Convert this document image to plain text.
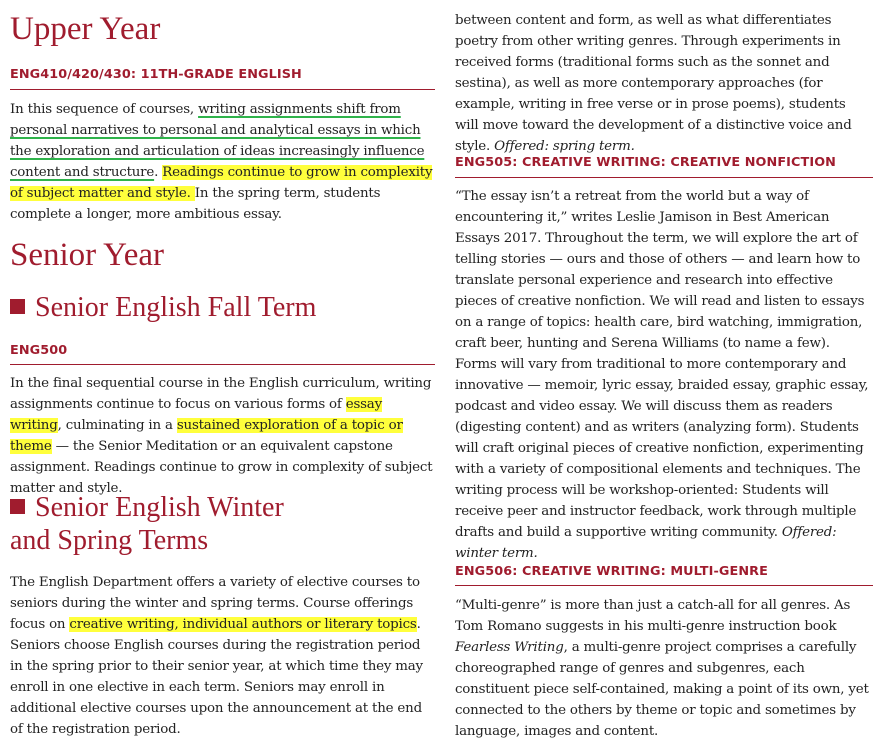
Upper Year
ENG410/420/430: 11TH-GRADE ENGLISH

In this sequence of courses, writing assignments shift from personal narratives to personal and analytical essays in which the exploration and articulation of ideas increasingly influence content and structure. Readings continue to grow in complexity of subject matter and style. In the spring term, students complete a longer, more ambitious essay.

Senior Year
Senior English Fall Term
ENG500

In the final sequential course in the English curriculum, writing assignments continue to focus on various forms of essay writing, culminating in a sustained exploration of a topic or theme — the Senior Meditation or an equivalent capstone assignment. Readings continue to grow in complexity of subject matter and style.

Senior English Winter
and Spring Terms

The English Department offers a variety of elective courses to seniors during the winter and spring terms. Course offerings focus on creative writing, individual authors or literary topics. Seniors choose English courses during the registration period in the spring prior to their senior year, at which time they may enroll in one elective in each term. Seniors may enroll in additional elective courses upon the announcement at the end of the registration period.

between content and form, as well as what differentiates poetry from other writing genres. Through experiments in received forms (traditional forms such as the sonnet and sestina), as well as more contemporary approaches (for example, writing in free verse or in prose poems), students will move toward the development of a distinctive voice and style. Offered: spring term.

ENG505: CREATIVE WRITING: CREATIVE NONFICTION

“The essay isn’t a retreat from the world but a way of encountering it,” writes Leslie Jamison in Best American Essays 2017. Throughout the term, we will explore the art of telling stories — ours and those of others — and learn how to translate personal experience and research into effective pieces of creative nonfiction. We will read and listen to essays on a range of topics: health care, bird watching, immigration, craft beer, hunting and Serena Williams (to name a few). Forms will vary from traditional to more contemporary and innovative — memoir, lyric essay, braided essay, graphic essay, podcast and video essay. We will discuss them as readers (digesting content) and as writers (analyzing form). Students will craft original pieces of creative nonfiction, experimenting with a variety of compositional elements and techniques. The writing process will be workshop-oriented: Students will receive peer and instructor feedback, work through multiple drafts and build a supportive writing community. Offered: winter term.

ENG506: CREATIVE WRITING: MULTI-GENRE

“Multi-genre” is more than just a catch-all for all genres. As Tom Romano suggests in his multi-genre instruction book Fearless Writing, a multi-genre project comprises a carefully choreographed range of genres and subgenres, each constituent piece self-contained, making a point of its own, yet connected to the others by theme or topic and sometimes by language, images and content.
